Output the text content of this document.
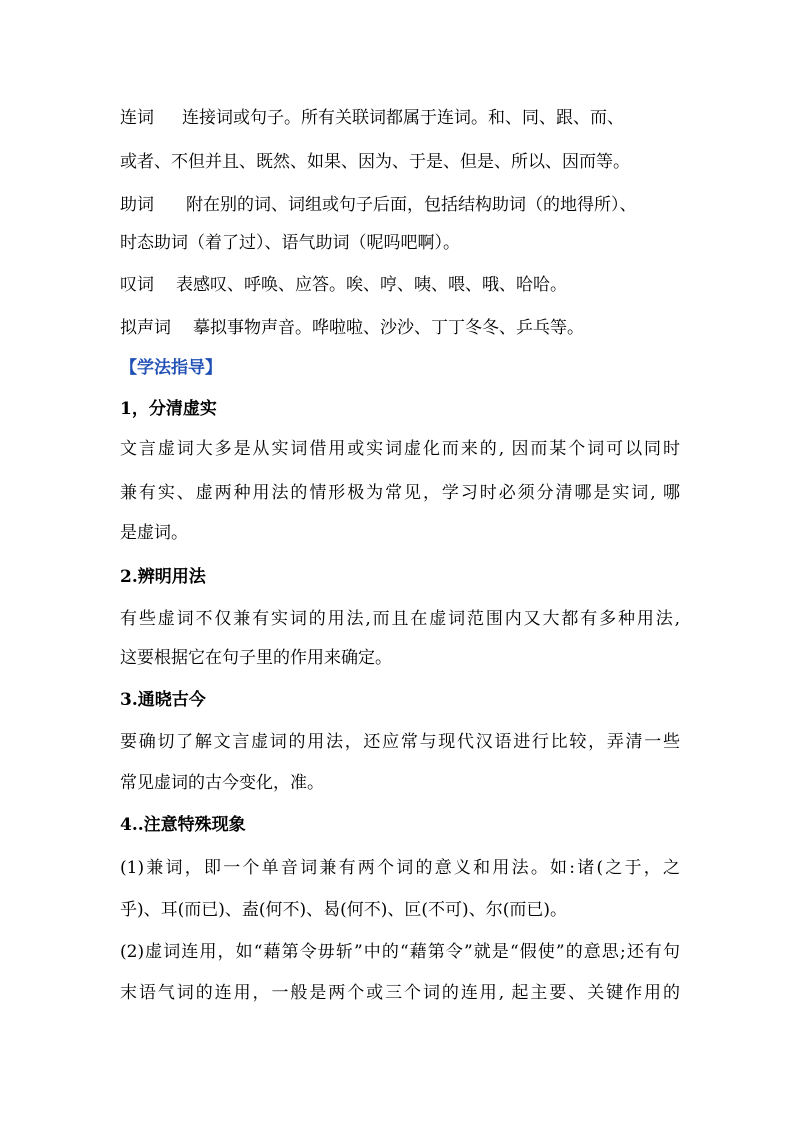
连词 连接词或句子。所有关联词都属于连词。和、同、跟、而、
或者、不但并且、既然、如果、因为、于是、但是、所以、因而等。
助词 附在别的词、词组或句子后面，包括结构助词（的地得所）、
时态助词（着了过）、语气助词（呢吗吧啊）。
叹词 表感叹、呼唤、应答。唉、哼、咦、喂、哦、哈哈。
拟声词 摹拟事物声音。哗啦啦、沙沙、丁丁冬冬、乒乓等。
【学法指导】
1，分清虚实
文言虚词大多是从实词借用或实词虚化而来的, 因而某个词可以同时
兼有实、虚两种用法的情形极为常见，学习时必须分清哪是实词, 哪
是虚词。
2.辨明用法
有些虚词不仅兼有实词的用法,而且在虚词范围内又大都有多种用法,
这要根据它在句子里的作用来确定。
3.通晓古今
要确切了解文言虚词的用法，还应常与现代汉语进行比较，弄清一些
常见虚词的古今变化，准。
4..注意特殊现象
(1)兼词，即一个单音词兼有两个词的意义和用法。如:诸(之于，之
乎)、耳(而已)、盍(何不)、曷(何不)、叵(不可)、尔(而已)。
(2)虚词连用，如“藉第令毋斩”中的“藉第令”就是“假使”的意思;还有句
末语气词的连用，一般是两个或三个词的连用, 起主要、关键作用的
